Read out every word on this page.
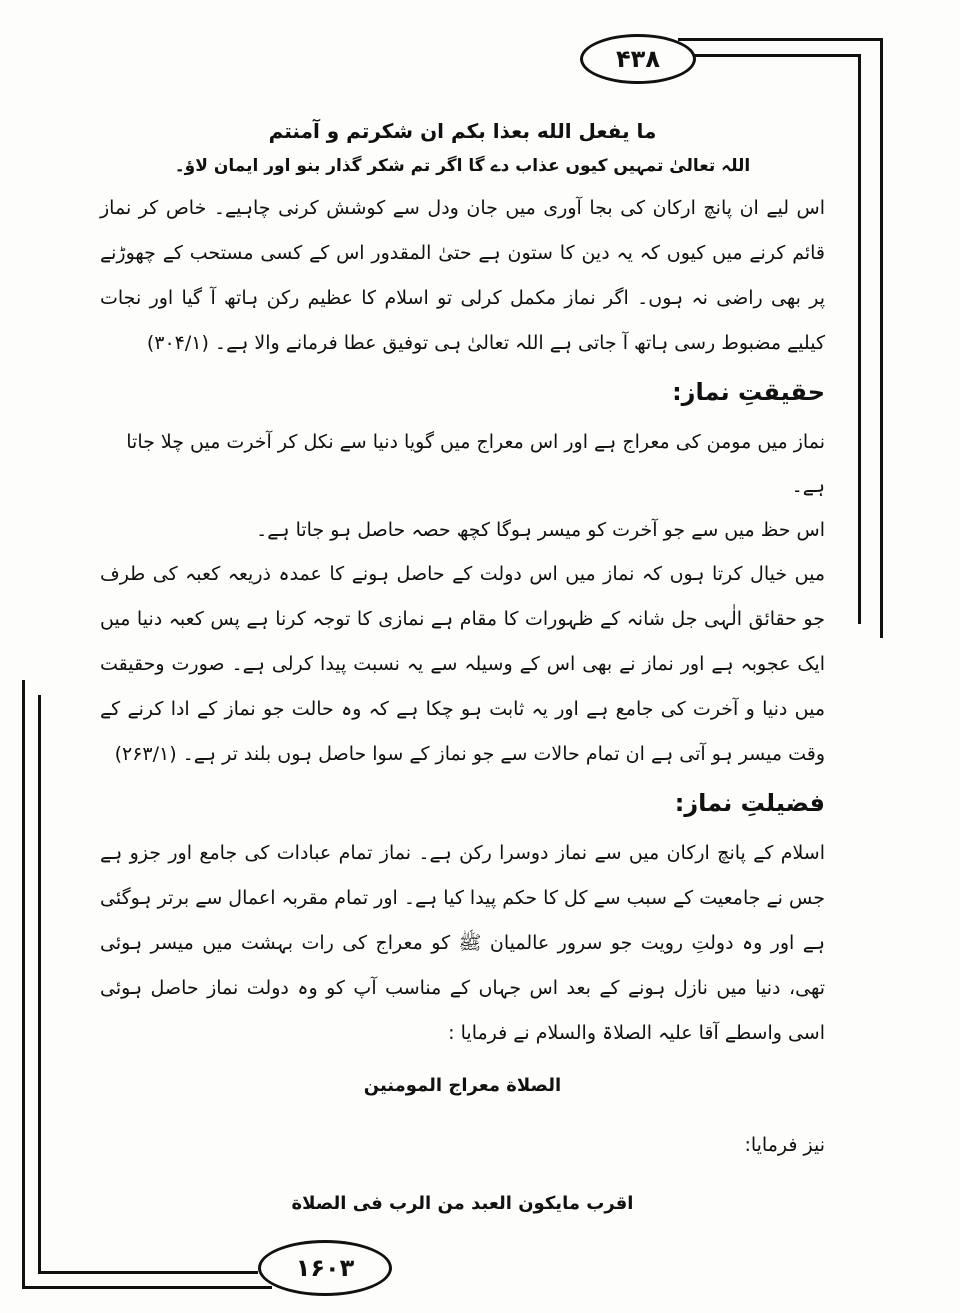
۴۳۸
۱۶۰۳

ما يفعل الله بعذا بكم ان شكرتم و آمنتم

اللہ تعالیٰ تمہیں کیوں عذاب دے گا اگر تم شکر گذار بنو اور ایمان لاؤ۔

اس لیے ان پانچ ارکان کی بجا آوری میں جان ودل سے کوشش کرنی چاہیے۔ خاص کر نماز قائم کرنے میں کیوں کہ یہ دین کا ستون ہے حتیٰ المقدور اس کے کسی مستحب کے چھوڑنے پر بھی راضی نہ ہوں۔ اگر نماز مکمل کرلی تو اسلام کا عظیم رکن ہاتھ آ گیا اور نجات کیلیے مضبوط رسی ہاتھ آ جاتی ہے اللہ تعالیٰ ہی توفیق عطا فرمانے والا ہے۔ (۳۰۴/۱)

حقیقتِ نماز:

نماز میں مومن کی معراج ہے اور اس معراج میں گویا دنیا سے نکل کر آخرت میں چلا جاتا ہے۔

اس حظ میں سے جو آخرت کو میسر ہوگا کچھ حصہ حاصل ہو جاتا ہے۔

میں خیال کرتا ہوں کہ نماز میں اس دولت کے حاصل ہونے کا عمدہ ذریعہ کعبہ کی طرف جو حقائق الٰہی جل شانہ کے ظہورات کا مقام ہے نمازی کا توجہ کرنا ہے پس کعبہ دنیا میں ایک عجوبہ ہے اور نماز نے بھی اس کے وسیلہ سے یہ نسبت پیدا کرلی ہے۔ صورت وحقیقت میں دنیا و آخرت کی جامع ہے اور یہ ثابت ہو چکا ہے کہ وہ حالت جو نماز کے ادا کرنے کے وقت میسر ہو آتی ہے ان تمام حالات سے جو نماز کے سوا حاصل ہوں بلند تر ہے۔ (۲۶۳/۱)

فضیلتِ نماز:

اسلام کے پانچ ارکان میں سے نماز دوسرا رکن ہے۔ نماز تمام عبادات کی جامع اور جزو ہے جس نے جامعیت کے سبب سے کل کا حکم پیدا کیا ہے۔ اور تمام مقربہ اعمال سے برتر ہوگئی ہے اور وہ دولتِ رویت جو سرور عالمیان ﷺ کو معراج کی رات بہشت میں میسر ہوئی تھی، دنیا میں نازل ہونے کے بعد اس جہاں کے مناسب آپ کو وہ دولت نماز حاصل ہوئی اسی واسطے آقا علیہ الصلاۃ والسلام نے فرمایا :

الصلاة معراج المومنين

نیز فرمایا:

اقرب مايكون العبد من الرب فى الصلاة
